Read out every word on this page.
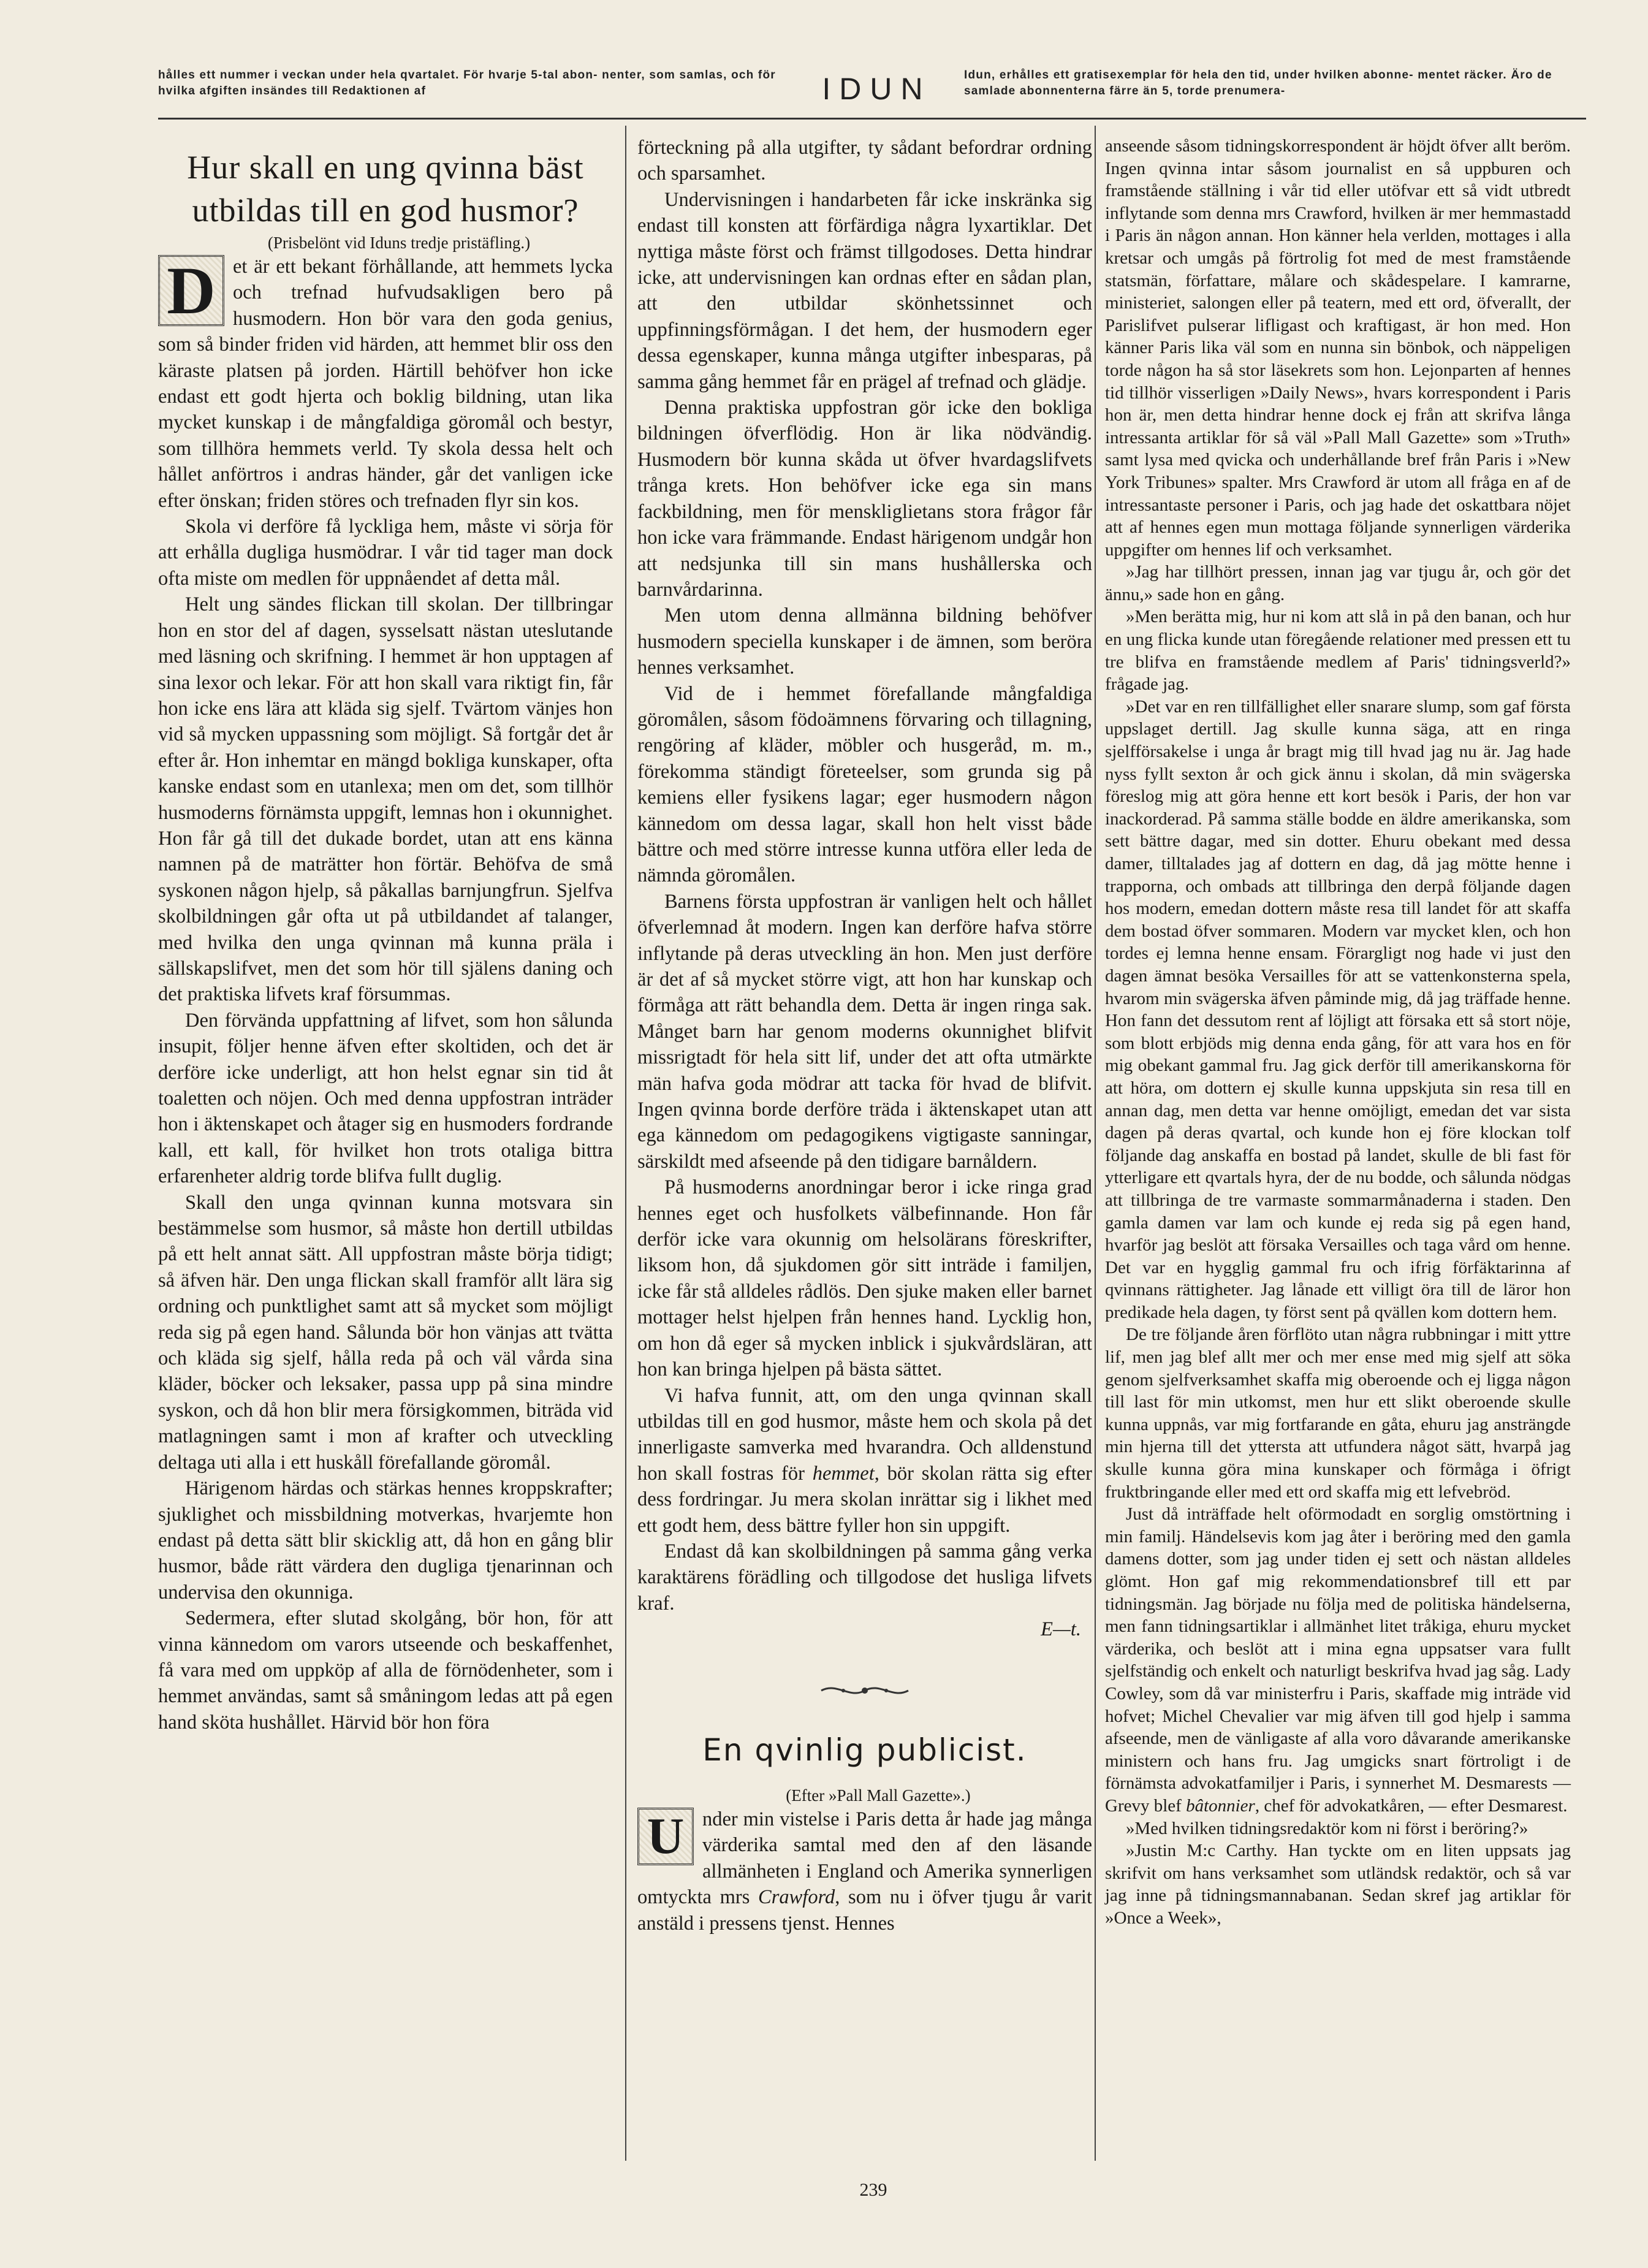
hålles ett nummer i veckan under hela qvartalet. För hvarje 5-tal abon- nenter, som samlas, och för hvilka afgiften insändes till Redaktionen af	IDUN	Idun, erhålles ett gratisexemplar för hela den tid, under hvilken abonne- mentet räcker. Äro de samlade abonnenterna färre än 5, torde prenumera-
Hur skall en ung qvinna bäst utbildas till en god husmor?

(Prisbelönt vid Iduns tredje pristäfling.)

D et är ett bekant förhållande, att hemmets lycka och trefnad hufvudsakligen bero på husmodern. Hon bör vara den goda genius, som så binder friden vid härden, att hemmet blir oss den käraste platsen på jorden. Härtill behöfver hon icke endast ett godt hjerta och boklig bildning, utan lika mycket kunskap i de mångfaldiga göromål och bestyr, som tillhöra hemmets verld. Ty skola dessa helt och hållet anförtros i andras händer, går det vanligen icke efter önskan; friden störes och trefnaden flyr sin kos.

Skola vi derföre få lyckliga hem, måste vi sörja för att erhålla dugliga husmödrar. I vår tid tager man dock ofta miste om medlen för uppnåendet af detta mål.

Helt ung sändes flickan till skolan. Der tillbringar hon en stor del af dagen, sysselsatt nästan uteslutande med läsning och skrifning. I hemmet är hon upptagen af sina lexor och lekar. För att hon skall vara riktigt fin, får hon icke ens lära att kläda sig sjelf. Tvärtom vänjes hon vid så mycken uppassning som möjligt. Så fortgår det år efter år. Hon inhemtar en mängd bokliga kunskaper, ofta kanske endast som en utanlexa; men om det, som tillhör husmoderns förnämsta uppgift, lemnas hon i okunnighet. Hon får gå till det dukade bordet, utan att ens känna namnen på de maträtter hon förtär. Behöfva de små syskonen någon hjelp, så påkallas barnjungfrun. Sjelfva skolbildningen går ofta ut på utbildandet af talanger, med hvilka den unga qvinnan må kunna präla i sällskapslifvet, men det som hör till själens daning och det praktiska lifvets kraf försummas.

Den förvända uppfattning af lifvet, som hon sålunda insupit, följer henne äfven efter skoltiden, och det är derföre icke underligt, att hon helst egnar sin tid åt toaletten och nöjen. Och med denna uppfostran inträder hon i äktenskapet och åtager sig en husmoders fordrande kall, ett kall, för hvilket hon trots otaliga bittra erfarenheter aldrig torde blifva fullt duglig.

Skall den unga qvinnan kunna motsvara sin bestämmelse som husmor, så måste hon dertill utbildas på ett helt annat sätt. All uppfostran måste börja tidigt; så äfven här. Den unga flickan skall framför allt lära sig ordning och punktlighet samt att så mycket som möjligt reda sig på egen hand. Sålunda bör hon vänjas att tvätta och kläda sig sjelf, hålla reda på och väl vårda sina kläder, böcker och leksaker, passa upp på sina mindre syskon, och då hon blir mera försigkommen, biträda vid matlagningen samt i mon af krafter och utveckling deltaga uti alla i ett huskåll förefallande göromål.

Härigenom härdas och stärkas hennes kroppskrafter; sjuklighet och missbildning motverkas, hvarjemte hon endast på detta sätt blir skicklig att, då hon en gång blir husmor, både rätt värdera den dugliga tjenarinnan och undervisa den okunniga.

Sedermera, efter slutad skolgång, bör hon, för att vinna kännedom om varors utseende och beskaffenhet, få vara med om uppköp af alla de förnödenheter, som i hemmet användas, samt så småningom ledas att på egen hand sköta hushållet. Härvid bör hon föra

förteckning på alla utgifter, ty sådant befordrar ordning och sparsamhet.

Undervisningen i handarbeten får icke inskränka sig endast till konsten att förfärdiga några lyxartiklar. Det nyttiga måste först och främst tillgodoses. Detta hindrar icke, att undervisningen kan ordnas efter en sådan plan, att den utbildar skönhetssinnet och uppfinningsförmågan. I det hem, der husmodern eger dessa egenskaper, kunna många utgifter inbesparas, på samma gång hemmet får en prägel af trefnad och glädje.

Denna praktiska uppfostran gör icke den bokliga bildningen öfverflödig. Hon är lika nödvändig. Husmodern bör kunna skåda ut öfver hvardagslifvets trånga krets. Hon behöfver icke ega sin mans fackbildning, men för menskliglietans stora frågor får hon icke vara främmande. Endast härigenom undgår hon att nedsjunka till sin mans hushållerska och barnvårdarinna.

Men utom denna allmänna bildning behöfver husmodern speciella kunskaper i de ämnen, som beröra hennes verksamhet.

Vid de i hemmet förefallande mångfaldiga göromålen, såsom födoämnens förvaring och tillagning, rengöring af kläder, möbler och husgeråd, m. m., förekomma ständigt företeelser, som grunda sig på kemiens eller fysikens lagar; eger husmodern någon kännedom om dessa lagar, skall hon helt visst både bättre och med större intresse kunna utföra eller leda de nämnda göromålen.

Barnens första uppfostran är vanligen helt och hållet öfverlemnad åt modern. Ingen kan derföre hafva större inflytande på deras utveckling än hon. Men just derföre är det af så mycket större vigt, att hon har kunskap och förmåga att rätt behandla dem. Detta är ingen ringa sak. Månget barn har genom moderns okunnighet blifvit missrigtadt för hela sitt lif, under det att ofta utmärkte män hafva goda mödrar att tacka för hvad de blifvit. Ingen qvinna borde derföre träda i äktenskapet utan att ega kännedom om pedagogikens vigtigaste sanningar, särskildt med afseende på den tidigare barnåldern.

På husmoderns anordningar beror i icke ringa grad hennes eget och husfolkets välbefinnande. Hon får derför icke vara okunnig om helsolärans föreskrifter, liksom hon, då sjukdomen gör sitt inträde i familjen, icke får stå alldeles rådlös. Den sjuke maken eller barnet mottager helst hjelpen från hennes hand. Lycklig hon, om hon då eger så mycken inblick i sjukvårdsläran, att hon kan bringa hjelpen på bästa sättet.

Vi hafva funnit, att, om den unga qvinnan skall utbildas till en god husmor, måste hem och skola på det innerligaste samverka med hvarandra. Och alldenstund hon skall fostras för hemmet, bör skolan rätta sig efter dess fordringar. Ju mera skolan inrättar sig i likhet med ett godt hem, dess bättre fyller hon sin uppgift.

Endast då kan skolbildningen på samma gång verka karaktärens förädling och tillgodose det husliga lifvets kraf.

E—t.

En qvinlig publicist.

(Efter »Pall Mall Gazette».)

U nder min vistelse i Paris detta år hade jag många värderika samtal med den af den läsande allmänheten i England och Amerika synnerligen omtyckta mrs Crawford, som nu i öfver tjugu år varit anstäld i pressens tjenst. Hennes

anseende såsom tidningskorrespondent är höjdt öfver allt beröm. Ingen qvinna intar såsom journalist en så uppburen och framstående ställning i vår tid eller utöfvar ett så vidt utbredt inflytande som denna mrs Crawford, hvilken är mer hemmastadd i Paris än någon annan. Hon känner hela verlden, mottages i alla kretsar och umgås på förtrolig fot med de mest framstående statsmän, författare, målare och skådespelare. I kamrarne, ministeriet, salongen eller på teatern, med ett ord, öfverallt, der Parislifvet pulserar lifligast och kraftigast, är hon med. Hon känner Paris lika väl som en nunna sin bönbok, och näppeligen torde någon ha så stor läsekrets som hon. Lejonparten af hennes tid tillhör visserligen »Daily News», hvars korrespondent i Paris hon är, men detta hindrar henne dock ej från att skrifva långa intressanta artiklar för så väl »Pall Mall Gazette» som »Truth» samt lysa med qvicka och underhållande bref från Paris i »New York Tribunes» spalter. Mrs Crawford är utom all fråga en af de intressantaste personer i Paris, och jag hade det oskattbara nöjet att af hennes egen mun mottaga följande synnerligen värderika uppgifter om hennes lif och verksamhet.

»Jag har tillhört pressen, innan jag var tjugu år, och gör det ännu,» sade hon en gång.

»Men berätta mig, hur ni kom att slå in på den banan, och hur en ung flicka kunde utan föregående relationer med pressen ett tu tre blifva en framstående medlem af Paris' tidningsverld?» frågade jag.

»Det var en ren tillfällighet eller snarare slump, som gaf första uppslaget dertill. Jag skulle kunna säga, att en ringa sjelfförsakelse i unga år bragt mig till hvad jag nu är. Jag hade nyss fyllt sexton år och gick ännu i skolan, då min svägerska föreslog mig att göra henne ett kort besök i Paris, der hon var inackorderad. På samma ställe bodde en äldre amerikanska, som sett bättre dagar, med sin dotter. Ehuru obekant med dessa damer, tilltalades jag af dottern en dag, då jag mötte henne i trapporna, och ombads att tillbringa den derpå följande dagen hos modern, emedan dottern måste resa till landet för att skaffa dem bostad öfver sommaren. Modern var mycket klen, och hon tordes ej lemna henne ensam. Förargligt nog hade vi just den dagen ämnat besöka Versailles för att se vattenkonsterna spela, hvarom min svägerska äfven påminde mig, då jag träffade henne. Hon fann det dessutom rent af löjligt att försaka ett så stort nöje, som blott erbjöds mig denna enda gång, för att vara hos en för mig obekant gammal fru. Jag gick derför till amerikanskorna för att höra, om dottern ej skulle kunna uppskjuta sin resa till en annan dag, men detta var henne omöjligt, emedan det var sista dagen på deras qvartal, och kunde hon ej före klockan tolf följande dag anskaffa en bostad på landet, skulle de bli fast för ytterligare ett qvartals hyra, der de nu bodde, och sålunda nödgas att tillbringa de tre varmaste sommarmånaderna i staden. Den gamla damen var lam och kunde ej reda sig på egen hand, hvarför jag beslöt att försaka Versailles och taga vård om henne. Det var en hygglig gammal fru och ifrig förfäktarinna af qvinnans rättigheter. Jag lånade ett villigt öra till de läror hon predikade hela dagen, ty först sent på qvällen kom dottern hem.

De tre följande åren förflöto utan några rubbningar i mitt yttre lif, men jag blef allt mer och mer ense med mig sjelf att söka genom sjelfverksamhet skaffa mig oberoende och ej ligga någon till last för min utkomst, men hur ett slikt oberoende skulle kunna uppnås, var mig fortfarande en gåta, ehuru jag ansträngde min hjerna till det yttersta att utfundera något sätt, hvarpå jag skulle kunna göra mina kunskaper och förmåga i öfrigt fruktbringande eller med ett ord skaffa mig ett lefvebröd.

Just då inträffade helt oförmodadt en sorglig omstörtning i min familj. Händelsevis kom jag åter i beröring med den gamla damens dotter, som jag under tiden ej sett och nästan alldeles glömt. Hon gaf mig rekommendationsbref till ett par tidningsmän. Jag började nu följa med de politiska händelserna, men fann tidningsartiklar i allmänhet litet tråkiga, ehuru mycket värderika, och beslöt att i mina egna uppsatser vara fullt sjelfständig och enkelt och naturligt beskrifva hvad jag såg. Lady Cowley, som då var ministerfru i Paris, skaffade mig inträde vid hofvet; Michel Chevalier var mig äfven till god hjelp i samma afseende, men de vänligaste af alla voro dåvarande amerikanske ministern och hans fru. Jag umgicks snart förtroligt i de förnämsta advokatfamiljer i Paris, i synnerhet M. Desmarests — Grevy blef bâtonnier, chef för advokatkåren, — efter Desmarest.

»Med hvilken tidningsredaktör kom ni först i beröring?»

»Justin M:c Carthy. Han tyckte om en liten uppsats jag skrifvit om hans verksamhet som utländsk redaktör, och så var jag inne på tidningsmannabanan. Sedan skref jag artiklar för »Once a Week»,

239
